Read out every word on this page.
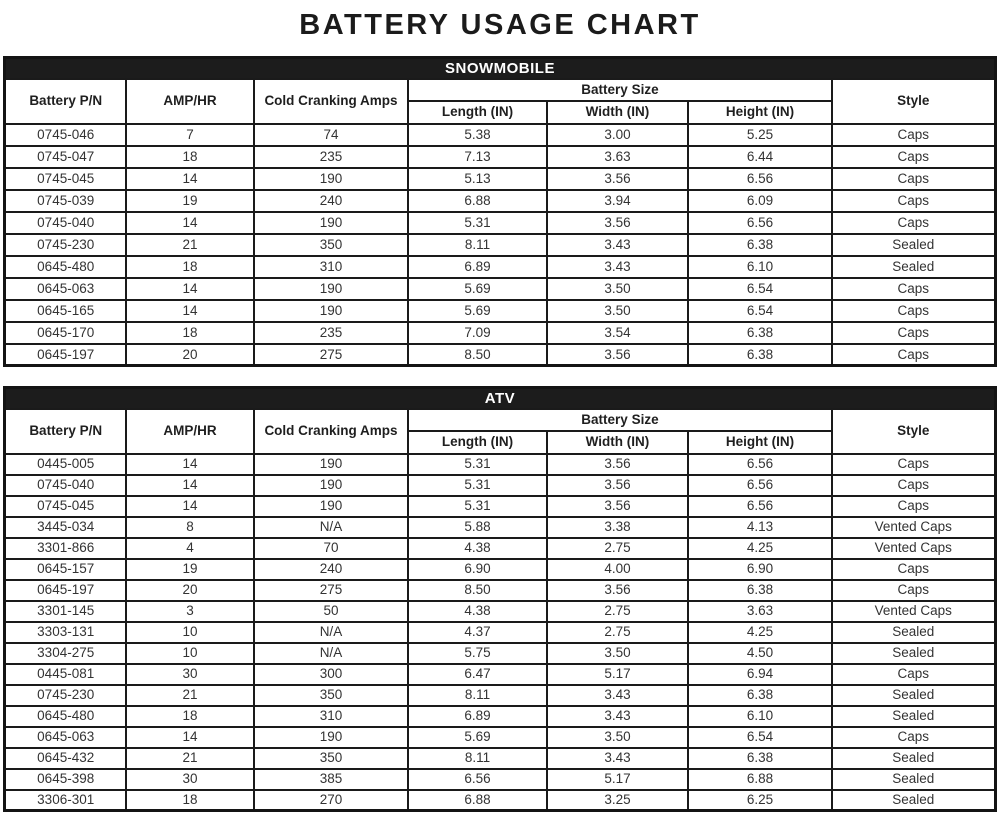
BATTERY USAGE CHART
SNOWMOBILE						
Battery P/N	AMP/HR	Cold Cranking Amps	Battery Size			Style
			Length (IN)	Width (IN)	Height (IN)	
0745-046	7	74	5.38	3.00	5.25	Caps
0745-047	18	235	7.13	3.63	6.44	Caps
0745-045	14	190	5.13	3.56	6.56	Caps
0745-039	19	240	6.88	3.94	6.09	Caps
0745-040	14	190	5.31	3.56	6.56	Caps
0745-230	21	350	8.11	3.43	6.38	Sealed
0645-480	18	310	6.89	3.43	6.10	Sealed
0645-063	14	190	5.69	3.50	6.54	Caps
0645-165	14	190	5.69	3.50	6.54	Caps
0645-170	18	235	7.09	3.54	6.38	Caps
0645-197	20	275	8.50	3.56	6.38	Caps
ATV						
Battery P/N	AMP/HR	Cold Cranking Amps	Battery Size			Style
			Length (IN)	Width (IN)	Height (IN)	
0445-005	14	190	5.31	3.56	6.56	Caps
0745-040	14	190	5.31	3.56	6.56	Caps
0745-045	14	190	5.31	3.56	6.56	Caps
3445-034	8	N/A	5.88	3.38	4.13	Vented Caps
3301-866	4	70	4.38	2.75	4.25	Vented Caps
0645-157	19	240	6.90	4.00	6.90	Caps
0645-197	20	275	8.50	3.56	6.38	Caps
3301-145	3	50	4.38	2.75	3.63	Vented Caps
3303-131	10	N/A	4.37	2.75	4.25	Sealed
3304-275	10	N/A	5.75	3.50	4.50	Sealed
0445-081	30	300	6.47	5.17	6.94	Caps
0745-230	21	350	8.11	3.43	6.38	Sealed
0645-480	18	310	6.89	3.43	6.10	Sealed
0645-063	14	190	5.69	3.50	6.54	Caps
0645-432	21	350	8.11	3.43	6.38	Sealed
0645-398	30	385	6.56	5.17	6.88	Sealed
3306-301	18	270	6.88	3.25	6.25	Sealed
